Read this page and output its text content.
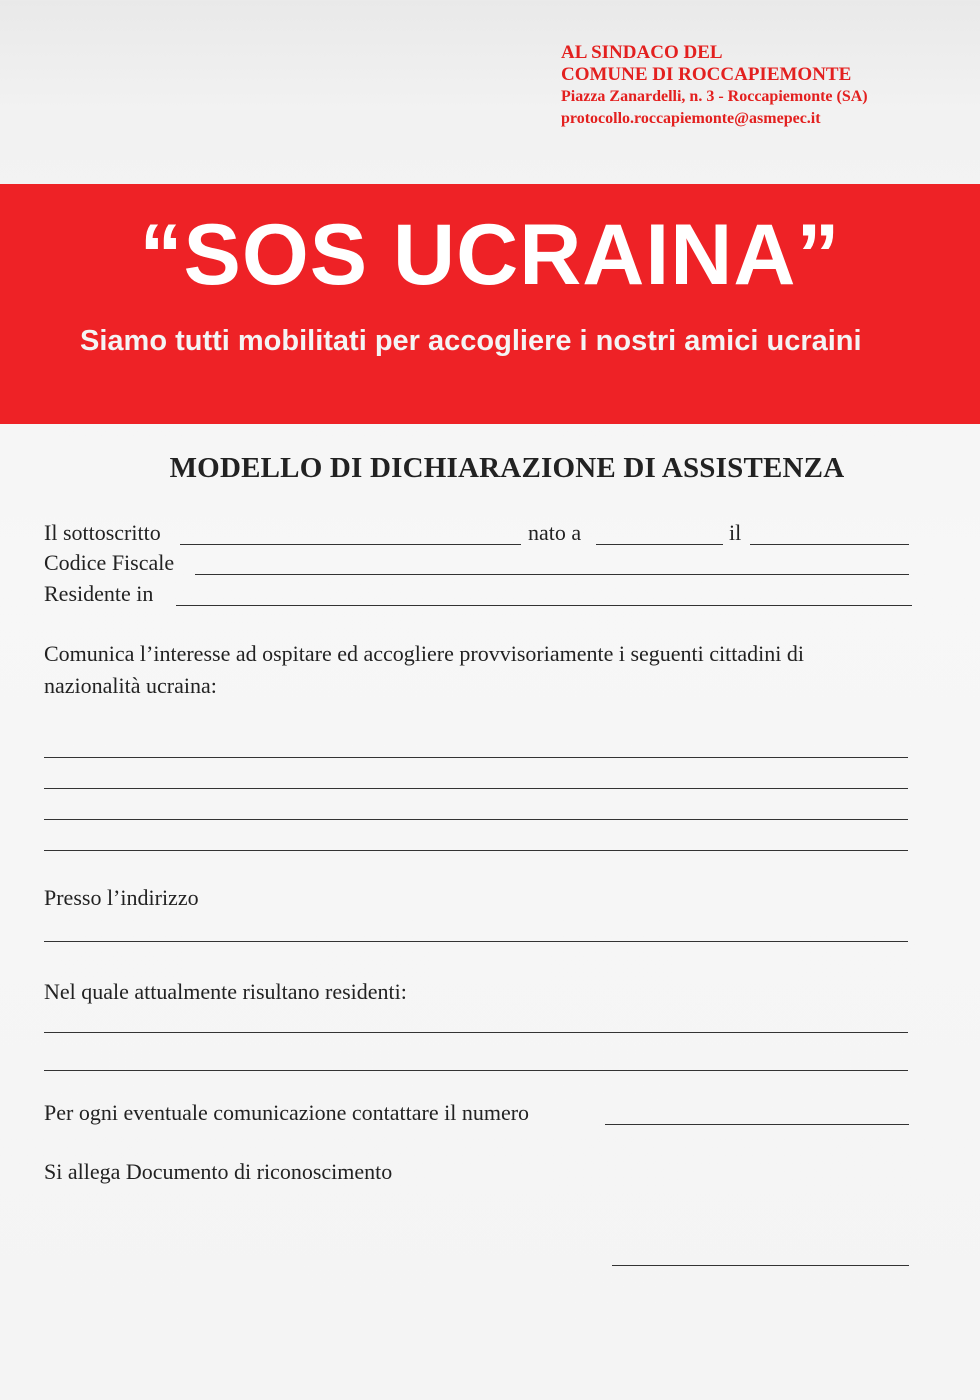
AL SINDACO DEL
COMUNE DI ROCCAPIEMONTE
Piazza Zanardelli, n. 3 - Roccapiemonte (SA)
protocollo.roccapiemonte@asmepec.it
“SOS UCRAINA”
Siamo tutti mobilitati per accogliere i nostri amici ucraini
MODELLO DI DICHIARAZIONE DI ASSISTENZA
Il sottoscritto	nato a	il
Codice Fiscale
Residente in
Comunica l’interesse ad ospitare ed accogliere provvisoriamente i seguenti cittadini di
nazionalità ucraina:
Presso l’indirizzo
Nel quale attualmente risultano residenti:
Per ogni eventuale comunicazione contattare il numero
Si allega Documento di riconoscimento
